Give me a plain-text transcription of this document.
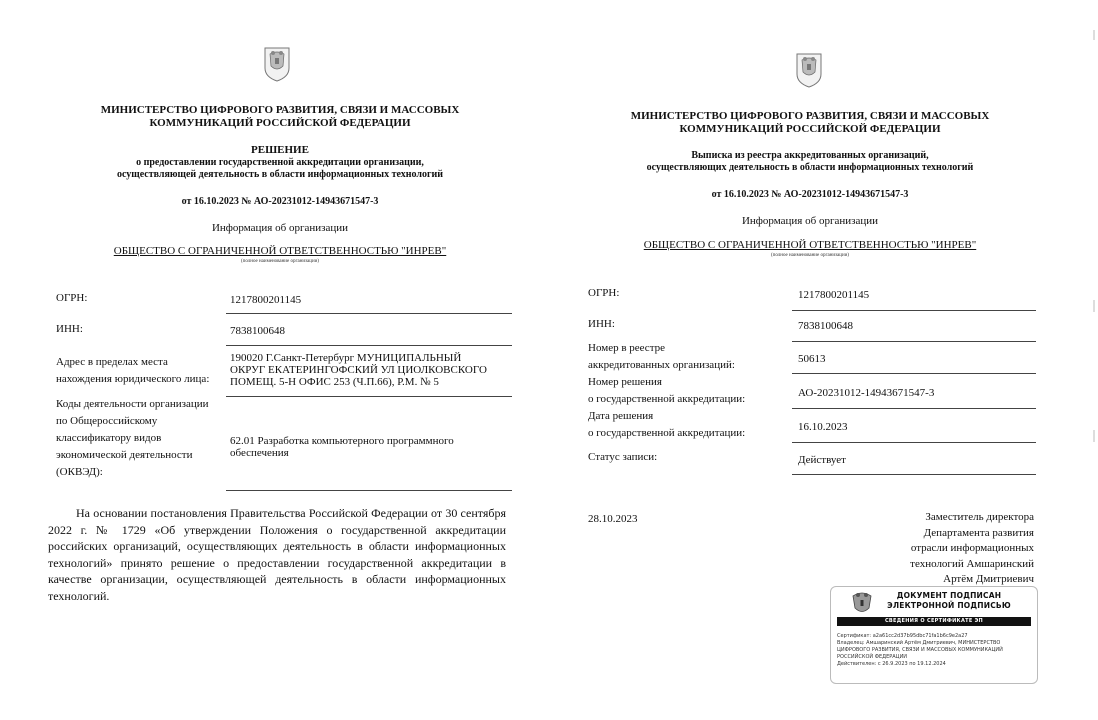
МИНИСТЕРСТВО ЦИФРОВОГО РАЗВИТИЯ, СВЯЗИ И МАССОВЫХ
КОММУНИКАЦИЙ РОССИЙСКОЙ ФЕДЕРАЦИИ
РЕШЕНИЕ
о предоставлении государственной аккредитации организации,
осуществляющей деятельность в области информационных технологий
от 16.10.2023 № АО-20231012-14943671547-3
Информация об организации
ОБЩЕСТВО С ОГРАНИЧЕННОЙ ОТВЕТСТВЕННОСТЬЮ "ИНРЕВ"
(полное наименование организации)
ОГРН:	1217800201145
ИНН:	7838100648
Адрес в пределах места
нахождения юридического лица:
190020 Г.Санкт-Петербург МУНИЦИПАЛЬНЫЙ
ОКРУГ ЕКАТЕРИНГОФСКИЙ УЛ ЦИОЛКОВСКОГО
ПОМЕЩ. 5-Н ОФИС 253 (Ч.П.66), Р.М. № 5
Коды деятельности организации
по Общероссийскому
классификатору видов
экономической деятельности
(ОКВЭД):
62.01 Разработка компьютерного программного
обеспечения
На основании постановления Правительства Российской Федерации от 30 сентября 2022 г. № 1729 «Об утверждении Положения о государственной аккредитации российских организаций, осуществляющих деятельность в области информационных технологий» принято решение о предоставлении государственной аккредитации в качестве организации, осуществляющей деятельность в области информационных технологий.
МИНИСТЕРСТВО ЦИФРОВОГО РАЗВИТИЯ, СВЯЗИ И МАССОВЫХ
КОММУНИКАЦИЙ РОССИЙСКОЙ ФЕДЕРАЦИИ
Выписка из реестра аккредитованных организаций,
осуществляющих деятельность в области информационных технологий
от 16.10.2023 № АО-20231012-14943671547-3
Информация об организации
ОБЩЕСТВО С ОГРАНИЧЕННОЙ ОТВЕТСТВЕННОСТЬЮ "ИНРЕВ"
(полное наименование организации)
ОГРН:	1217800201145
ИНН:	7838100648
Номер в реестре
аккредитованных организаций:	50613
Номер решения
о государственной аккредитации:	АО-20231012-14943671547-3
Дата решения
о государственной аккредитации:	16.10.2023
Статус записи:	Действует
28.10.2023	Заместитель директора
Департамента развития
отрасли информационных
технологий Амшаринский
Артём Дмитриевич
ДОКУМЕНТ ПОДПИСАН
ЭЛЕКТРОННОЙ ПОДПИСЬЮ
СВЕДЕНИЯ О СЕРТИФИКАТЕ ЭП
Сертификат: a2a61cc2d37b95dbc71fa1b6c9e2a27
Владелец: Амшаринский Артём Дмитриевич, МИНИСТЕРСТВО
ЦИФРОВОГО РАЗВИТИЯ, СВЯЗИ И МАССОВЫХ КОММУНИКАЦИЙ
РОССИЙСКОЙ ФЕДЕРАЦИИ
Действителен: с 26.9.2023 по 19.12.2024
